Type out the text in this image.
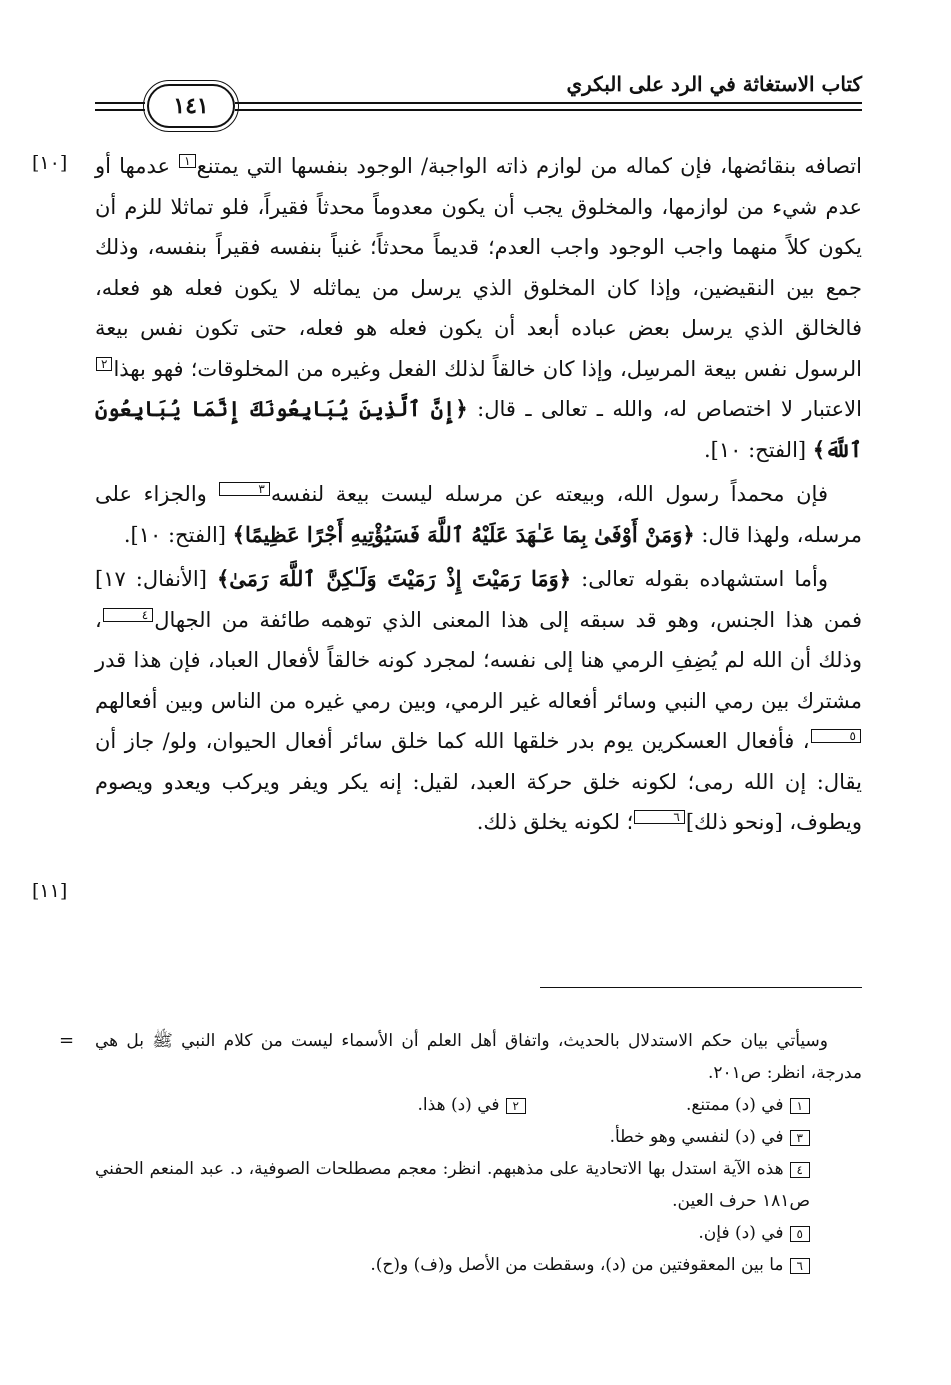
١٤١
كتاب الاستغاثة في الرد على البكري
[١٠]
[١١]

اتصافه بنقائضها، فإن كماله من لوازم ذاته الواجبة/ الوجود بنفسها التي يمتنع١ عدمها أو عدم شيء من لوازمها، والمخلوق يجب أن يكون معدوماً محدثاً فقيراً، فلو تماثلا للزم أن يكون كلاً منهما واجب الوجود واجب العدم؛ قديماً محدثاً؛ غنياً بنفسه فقيراً بنفسه، وذلك جمع بين النقيضين، وإذا كان المخلوق الذي يرسل من يماثله لا يكون فعله هو فعله، فالخالق الذي يرسل بعض عباده أبعد أن يكون فعله هو فعله، حتى تكون نفس بيعة الرسول نفس بيعة المرسِل، وإذا كان خالقاً لذلك الفعل وغيره من المخلوقات؛ فهو بهذا٢ الاعتبار لا اختصاص له، والله ـ تعالى ـ قال: ﴿إِنَّ ٱلَّذِينَ يُبَايِعُونَكَ إِنَّمَا يُبَايِعُونَ ٱللَّهَ﴾ [الفتح: ١٠].

فإن محمداً رسول الله، وبيعته عن مرسله ليست بيعة لنفسه٣ والجزاء على مرسله، ولهذا قال: ﴿وَمَنْ أَوْفَىٰ بِمَا عَـٰهَدَ عَلَيْهُ ٱللَّهَ فَسَيُؤْتِيهِ أَجْرًا عَظِيمًا﴾ [الفتح: ١٠].

وأما استشهاده بقوله تعالى: ﴿وَمَا رَمَيْتَ إِذْ رَمَيْتَ وَلَـٰكِنَّ ٱللَّهَ رَمَىٰ﴾ [الأنفال: ١٧] فمن هذا الجنس، وهو قد سبقه إلى هذا المعنى الذي توهمه طائفة من الجهال٤، وذلك أن الله لم يُضِفِ الرمي هنا إلى نفسه؛ لمجرد كونه خالقاً لأفعال العباد، فإن هذا قدر مشترك بين رمي النبي وسائر أفعاله غير الرمي، وبين رمي غيره من الناس وبين أفعالهم٥، فأفعال العسكرين يوم بدر خلقها الله كما خلق سائر أفعال الحيوان، ولو/ جاز أن يقال: إن الله رمى؛ لكونه خلق حركة العبد، لقيل: إنه يكر ويفر ويركب ويعدو ويصوم ويطوف، [ونحو ذلك]٦؛ لكونه يخلق ذلك.

= وسيأتي بيان حكم الاستدلال بالحديث، واتفاق أهل العلم أن الأسماء ليست من كلام النبي ﷺ بل هي مدرجة، انظر: ص٢٠١.

١في (د) ممتنع.
٢في (د) هذا.

٣في (د) لنفسي وهو خطأ.

٤هذه الآية استدل بها الاتحادية على مذهبهم. انظر: معجم مصطلحات الصوفية، د. عبد المنعم الحفني ص١٨١ حرف العين.

٥في (د) فإن.

٦ما بين المعقوفتين من (د)، وسقطت من الأصل و(ف) و(ح).
